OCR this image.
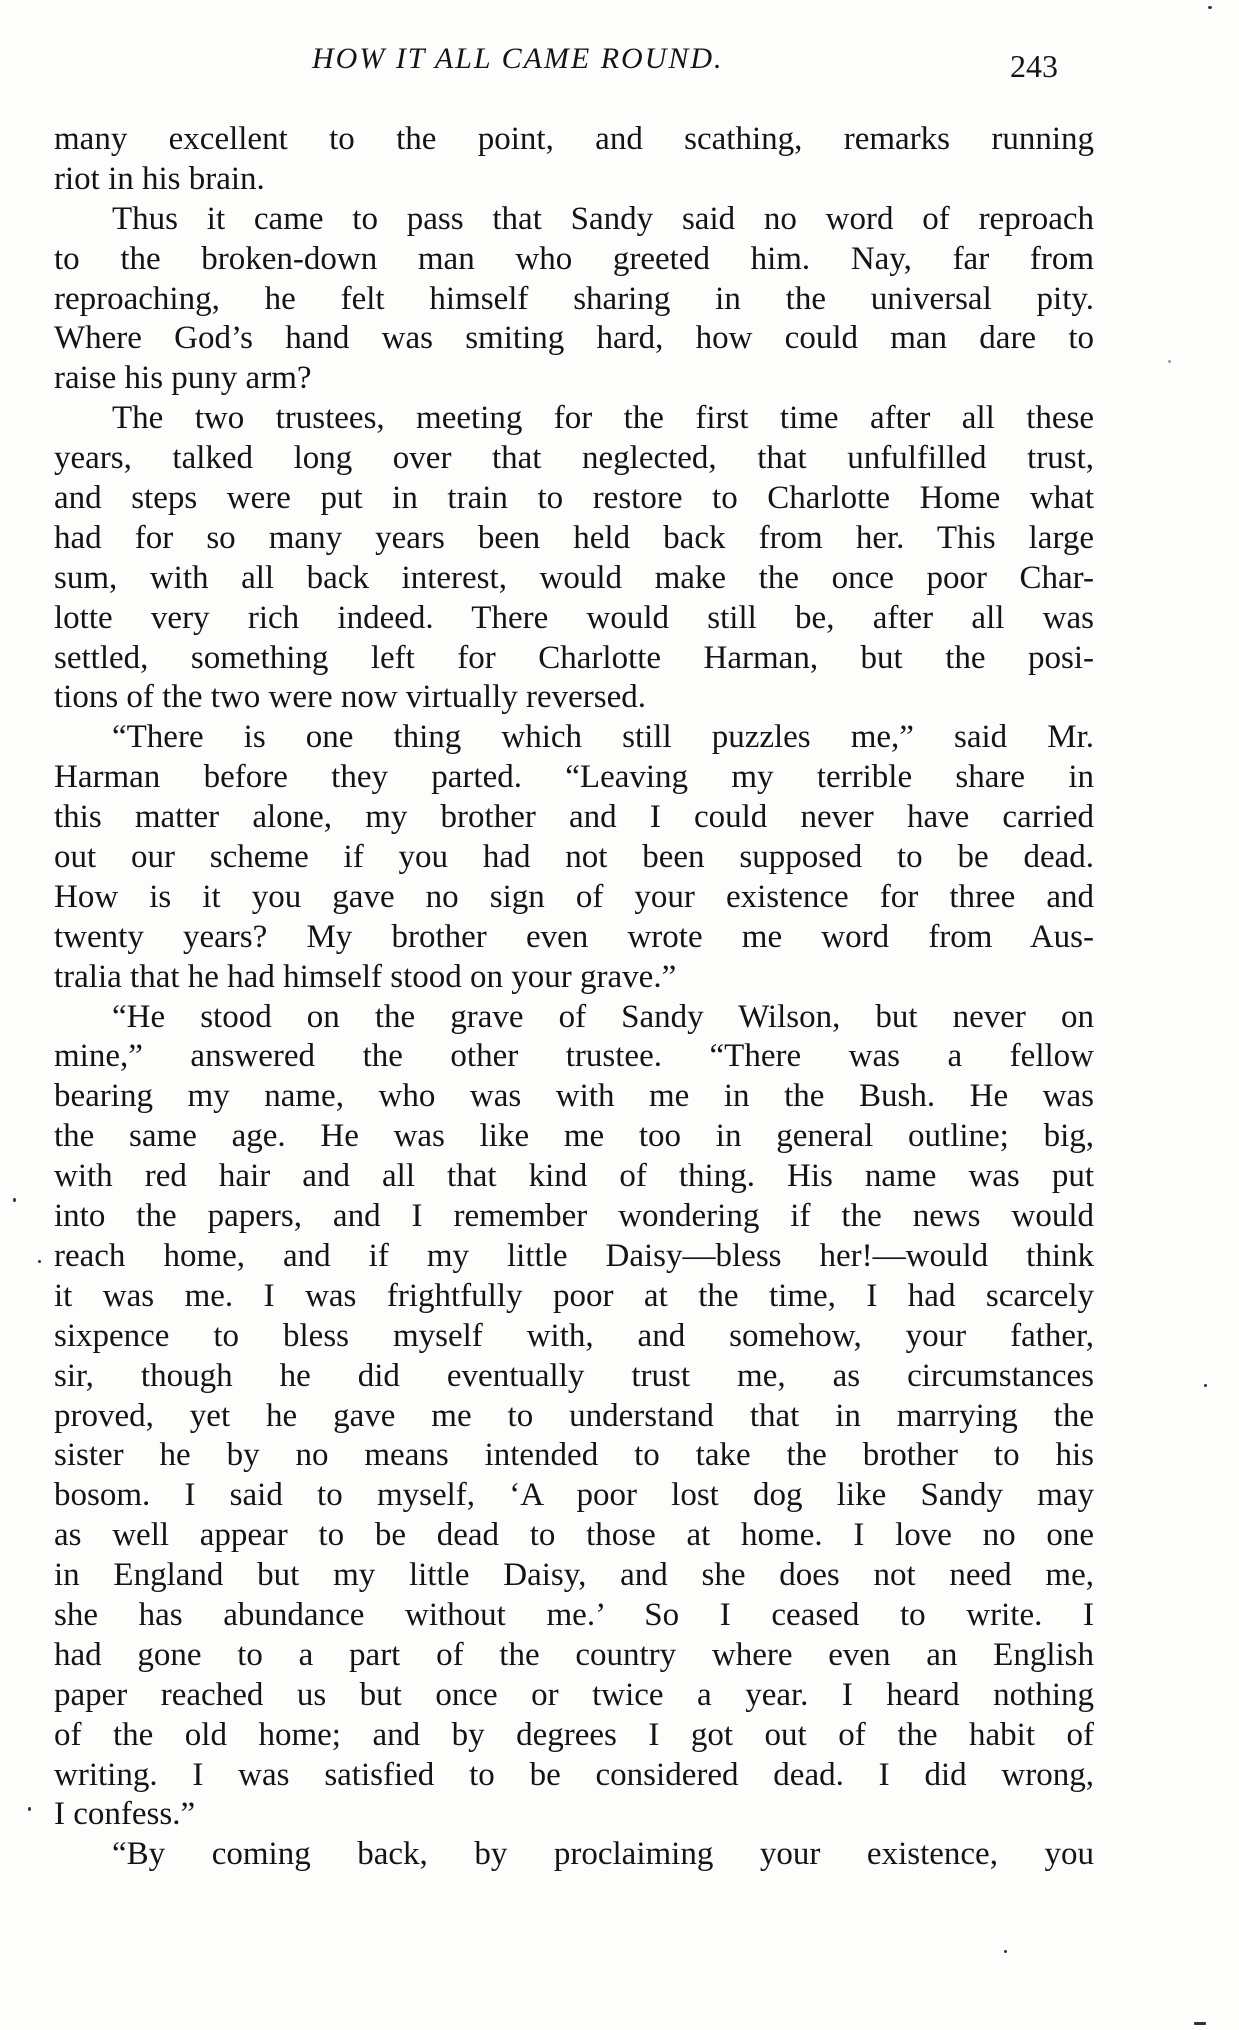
HOW IT ALL CAME ROUND.	243
many excellent to the point, and scathing, remarks running
riot in his brain.
Thus it came to pass that Sandy said no word of reproach
to the broken-down man who greeted him. Nay, far from
reproaching, he felt himself sharing in the universal pity.
Where God’s hand was smiting hard, how could man dare to
raise his puny arm?
The two trustees, meeting for the first time after all these
years, talked long over that neglected, that unfulfilled trust,
and steps were put in train to restore to Charlotte Home what
had for so many years been held back from her. This large
sum, with all back interest, would make the once poor Char-
lotte very rich indeed. There would still be, after all was
settled, something left for Charlotte Harman, but the posi-
tions of the two were now virtually reversed.
“There is one thing which still puzzles me,” said Mr.
Harman before they parted. “Leaving my terrible share in
this matter alone, my brother and I could never have carried
out our scheme if you had not been supposed to be dead.
How is it you gave no sign of your existence for three and
twenty years? My brother even wrote me word from Aus-
tralia that he had himself stood on your grave.”
“He stood on the grave of Sandy Wilson, but never on
mine,” answered the other trustee. “There was a fellow
bearing my name, who was with me in the Bush. He was
the same age. He was like me too in general outline; big,
with red hair and all that kind of thing. His name was put
into the papers, and I remember wondering if the news would
reach home, and if my little Daisy—bless her!—would think
it was me. I was frightfully poor at the time, I had scarcely
sixpence to bless myself with, and somehow, your father,
sir, though he did eventually trust me, as circumstances
proved, yet he gave me to understand that in marrying the
sister he by no means intended to take the brother to his
bosom. I said to myself, ‘A poor lost dog like Sandy may
as well appear to be dead to those at home. I love no one
in England but my little Daisy, and she does not need me,
she has abundance without me.’ So I ceased to write. I
had gone to a part of the country where even an English
paper reached us but once or twice a year. I heard nothing
of the old home; and by degrees I got out of the habit of
writing. I was satisfied to be considered dead. I did wrong,
I confess.”
“By coming back, by proclaiming your existence, you
